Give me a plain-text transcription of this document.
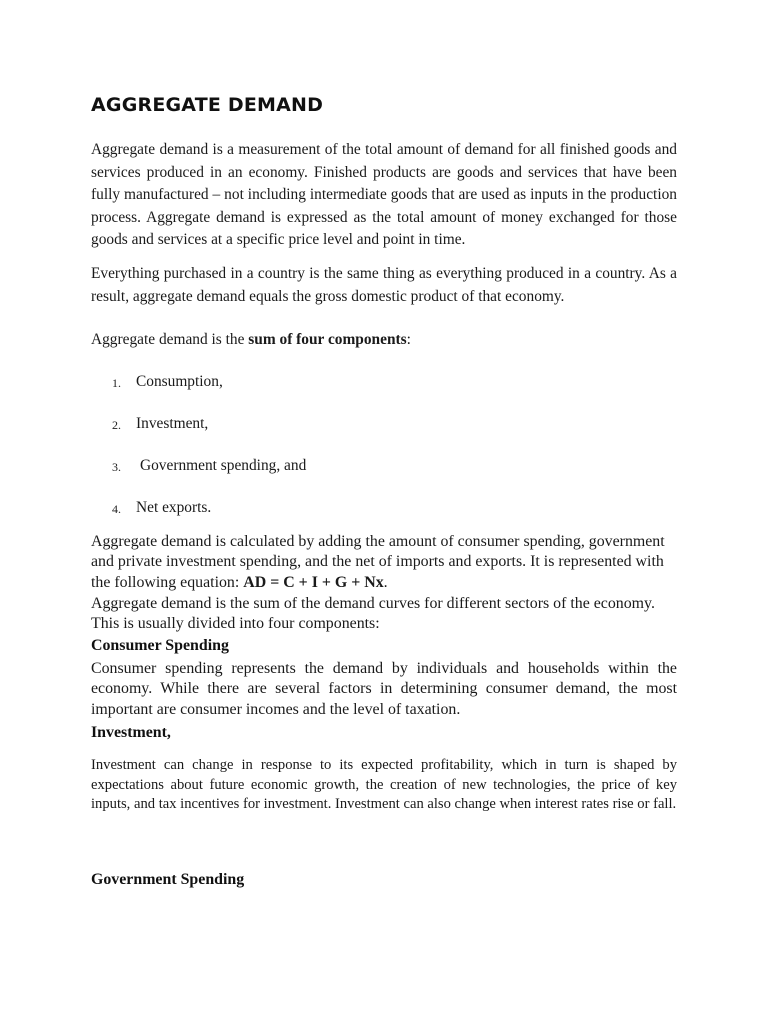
AGGREGATE DEMAND

Aggregate demand is a measurement of the total amount of demand for all finished goods and services produced in an economy. Finished products are goods and services that have been fully manufactured – not including intermediate goods that are used as inputs in the production process. Aggregate demand is expressed as the total amount of money exchanged for those goods and services at a specific price level and point in time.

Everything purchased in a country is the same thing as everything produced in a country. As a result, aggregate demand equals the gross domestic product of that economy.

Aggregate demand is the sum of four components:

1. Consumption,
2. Investment,
3. Government spending, and
4. Net exports.

Aggregate demand is calculated by adding the amount of consumer spending, government and private investment spending, and the net of imports and exports. It is represented with the following equation: AD = C + I + G + Nx.

Aggregate demand is the sum of the demand curves for different sectors of the economy. This is usually divided into four components:

Consumer Spending

Consumer spending represents the demand by individuals and households within the economy. While there are several factors in determining consumer demand, the most important are consumer incomes and the level of taxation.

Investment,

Investment can change in response to its expected profitability, which in turn is shaped by expectations about future economic growth, the creation of new technologies, the price of key inputs, and tax incentives for investment. Investment can also change when interest rates rise or fall.

Government Spending
